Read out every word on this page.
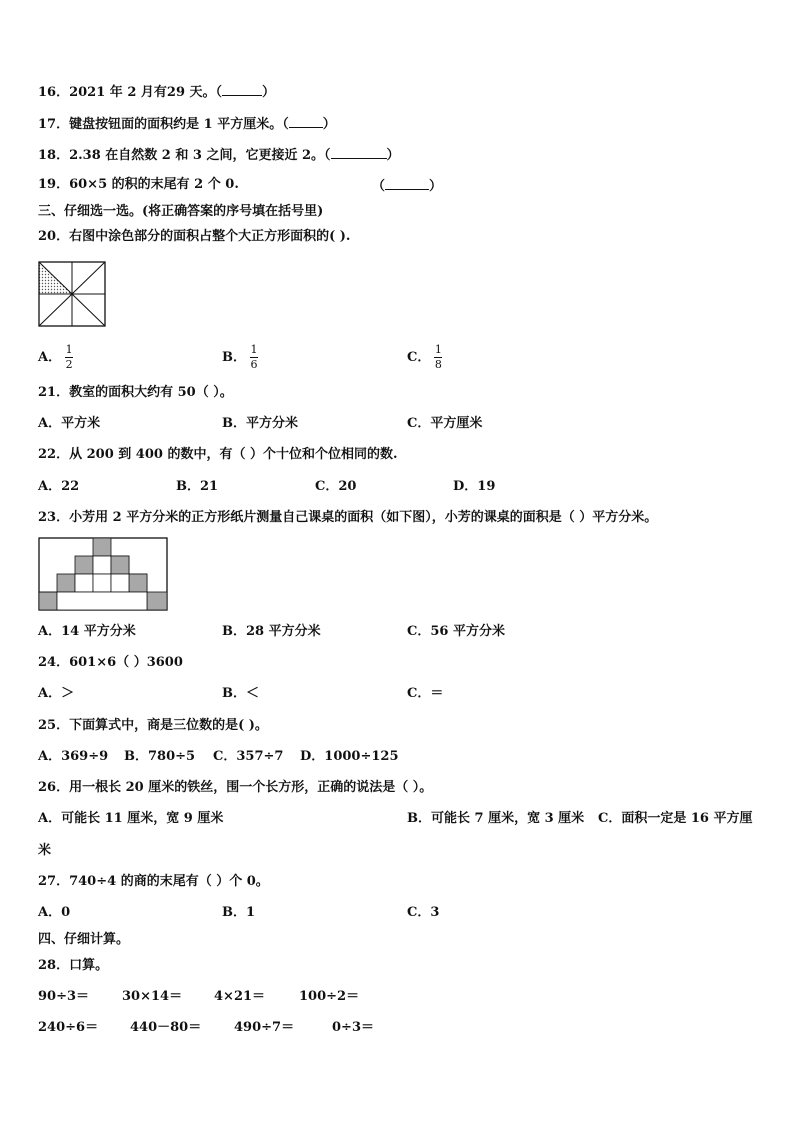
16．2021 年 2 月有29 天。（	）
17．键盘按钮面的面积约是 1 平方厘米。（	）
18．2.38 在自然数 2 和 3 之间，它更接近 2。（	）
19．60×5 的积的末尾有 2 个 0.	（	）
三、仔细选一选。(将正确答案的序号填在括号里)
20．右图中涂色部分的面积占整个大正方形面积的( ).
A． $\frac{1}{2}$	B． $\frac{1}{6}$	C． $\frac{1}{8}$
21．教室的面积大约有 50（ ）。
A．平方米	B．平方分米	C．平方厘米
22．从 200 到 400 的数中，有（ ）个十位和个位相同的数.
A．22	B．21	C．20	D．19
23．小芳用 2 平方分米的正方形纸片测量自己课桌的面积（如下图），小芳的课桌的面积是（ ）平方分米。
A．14 平方分米	B．28 平方分米	C．56 平方分米
24．601×6（ ）3600
A．＞	B．＜	C．＝
25．下面算式中，商是三位数的是( )。
A．369÷9 B．780÷5 C．357÷7 D．1000÷125
26．用一根长 20 厘米的铁丝，围一个长方形，正确的说法是（ ）。
A．可能长 11 厘米，宽 9 厘米	B．可能长 7 厘米，宽 3 厘米 C．面积一定是 16 平方厘
米
27．740÷4 的商的末尾有（ ）个 0。
A．0	B．1	C．3
四、仔细计算。
28．口算。
90÷3＝	30×14＝ 4×21＝	100÷2＝
240÷6＝ 440－80＝	490÷7＝	0÷3＝
